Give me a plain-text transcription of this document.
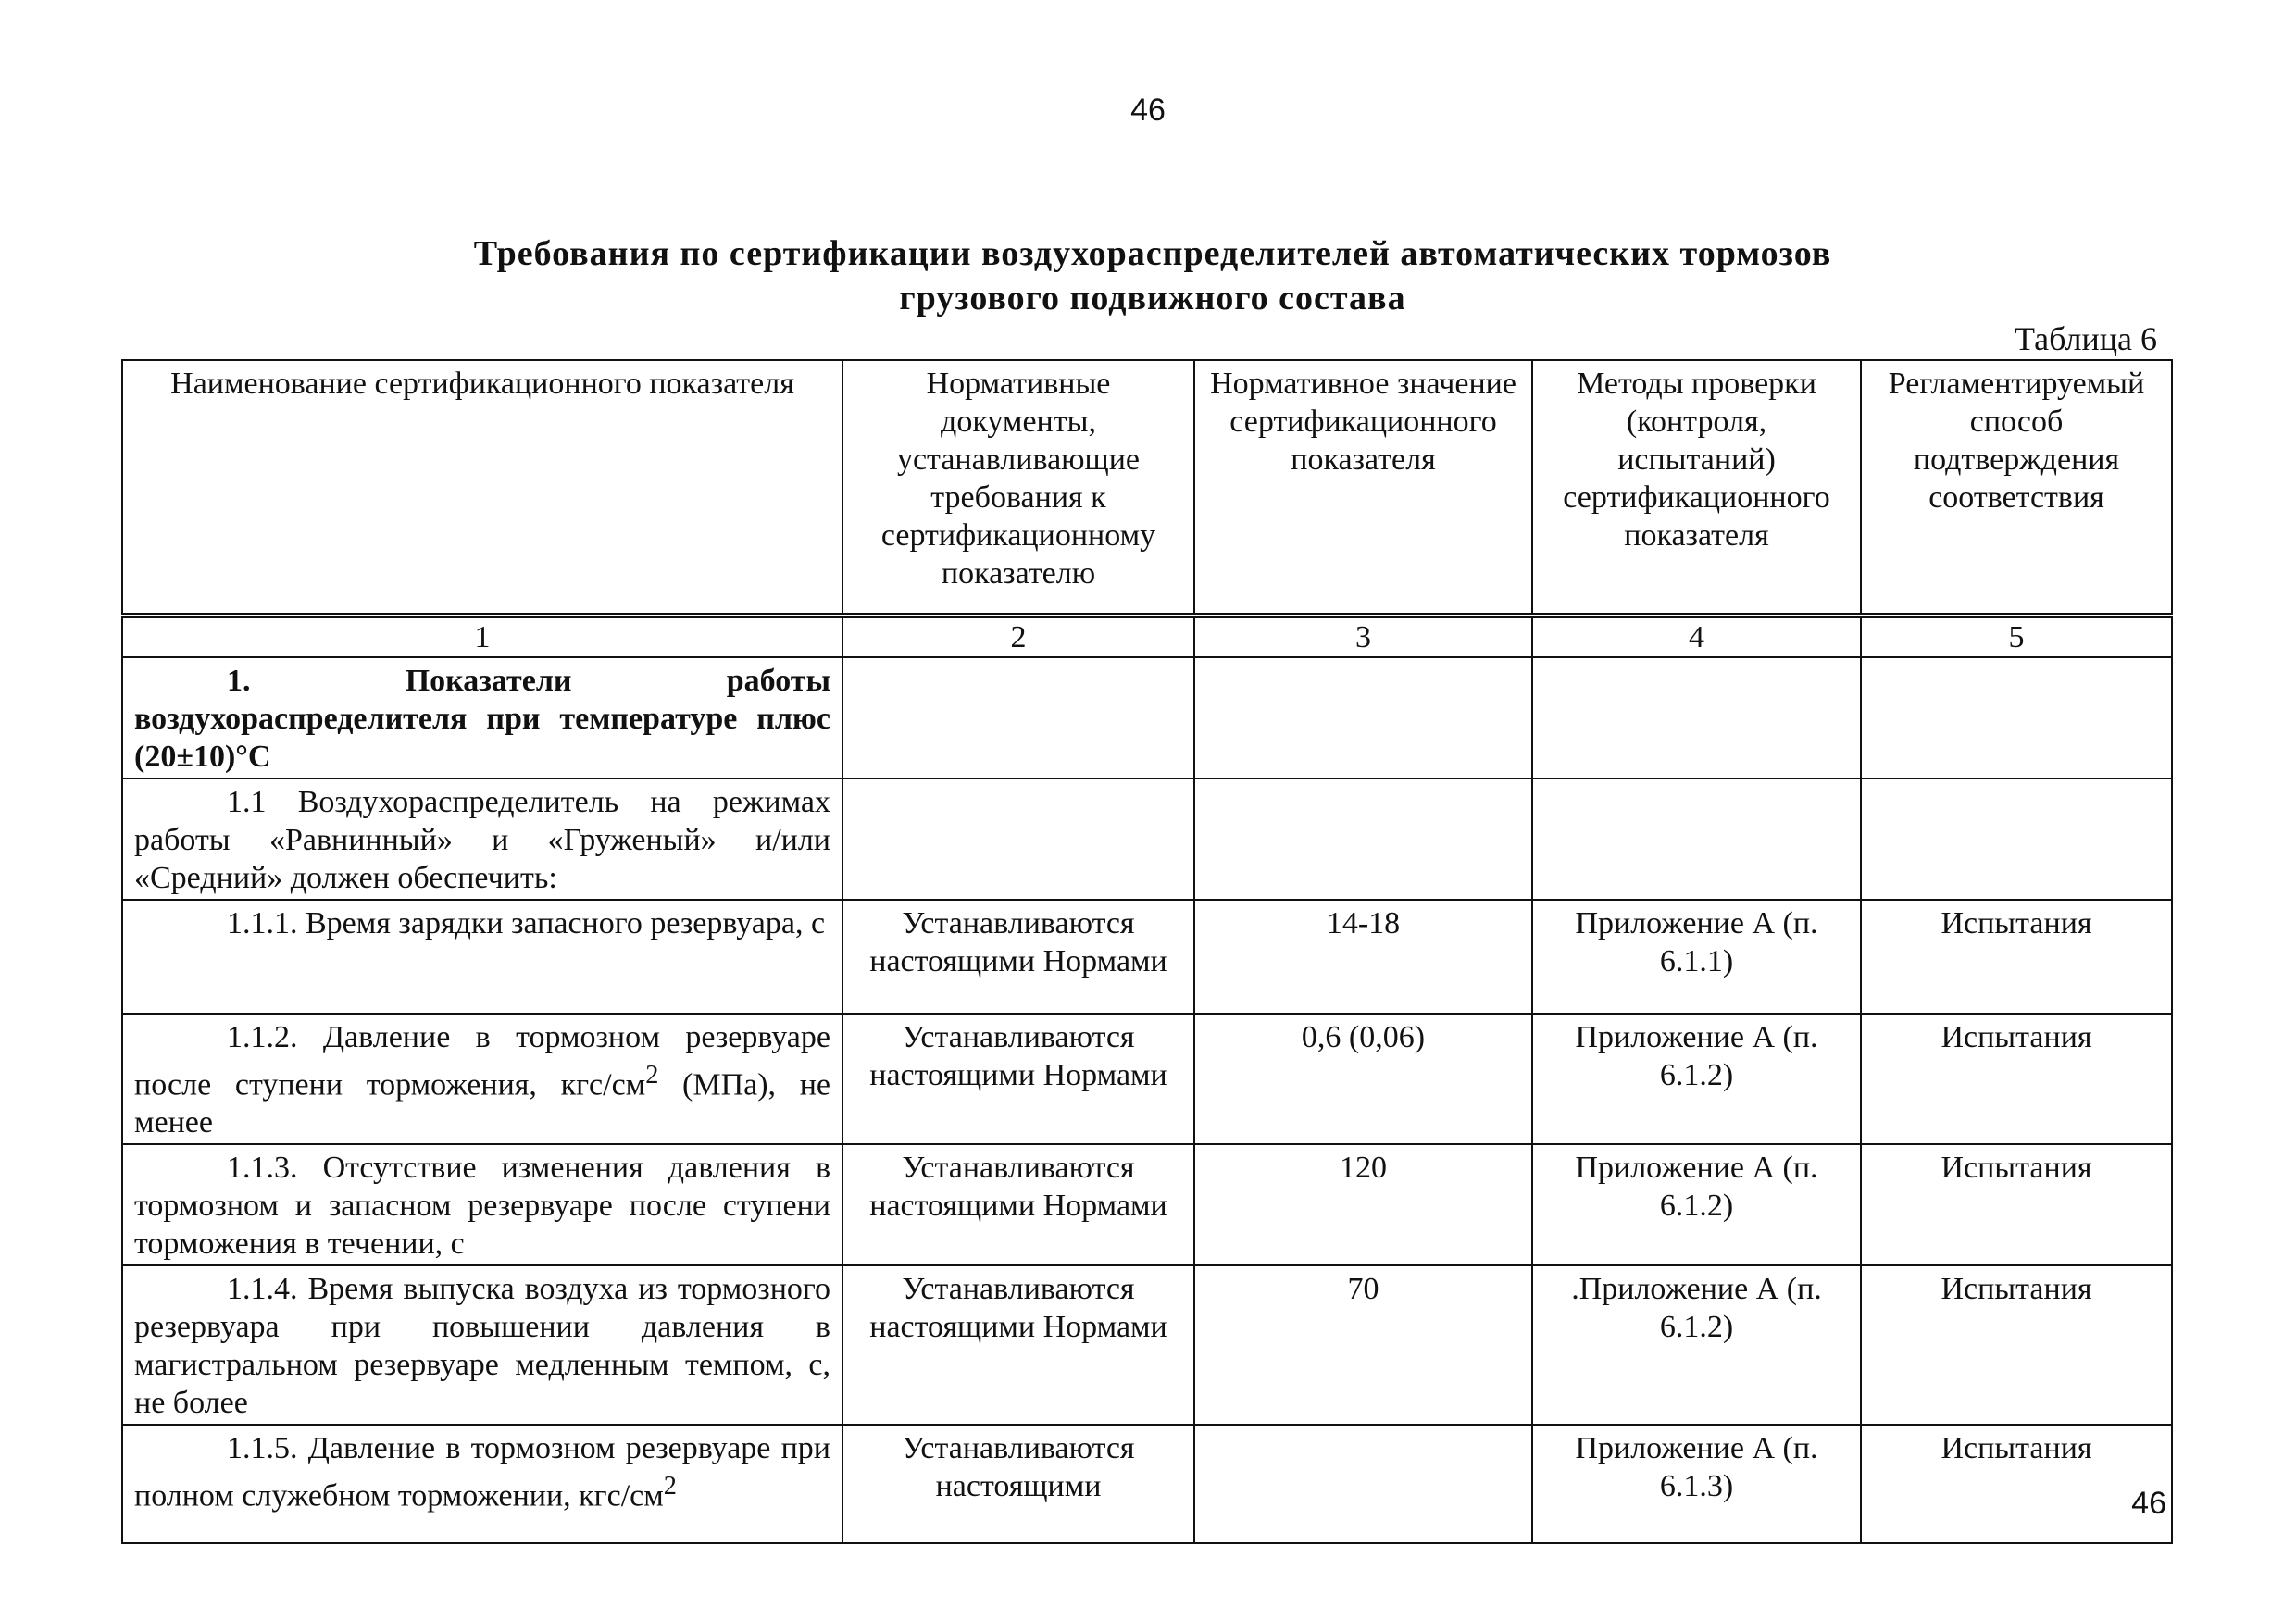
46
Требования по сертификации воздухораспределителей автоматических тормозов
грузового подвижного состава
Таблица 6
Наименование сертификационного показателя	Нормативные документы, устанавливающие требования к сертификационному показателю	Нормативное значение сертификационного показателя	Методы проверки (контроля, испытаний) сертификационного показателя	Регламентируемый способ подтверждения соответствия
1	2	3	4	5
1. Показатели работы воздухораспределителя при температуре плюс (20±10)°С				
1.1 Воздухораспределитель на режимах работы «Равнинный» и «Груженый» и/или «Средний» должен обеспечить:				
1.1.1. Время зарядки запасного резервуара, с	Устанавливаются настоящими Нормами	14-18	Приложение А (п. 6.1.1)	Испытания
1.1.2. Давление в тормозном резервуаре после ступени торможения, кгс/$см^2$ (МПа), не менее	Устанавливаются настоящими Нормами	0,6 (0,06)	Приложение А (п. 6.1.2)	Испытания
1.1.3. Отсутствие изменения давления в тормозном и запасном резервуаре после ступени торможения в течении, с	Устанавливаются настоящими Нормами	120	Приложение А (п. 6.1.2)	Испытания
1.1.4. Время выпуска воздуха из тормозного резервуара при повышении давления в магистральном резервуаре медленным темпом, с, не более	Устанавливаются настоящими Нормами	70	.Приложение А (п. 6.1.2)	Испытания
1.1.5. Давление в тормозном резервуаре при полном служебном торможении, кгс/$см^2$	Устанавливаются настоящими		Приложение А (п. 6.1.3)	Испытания
46
